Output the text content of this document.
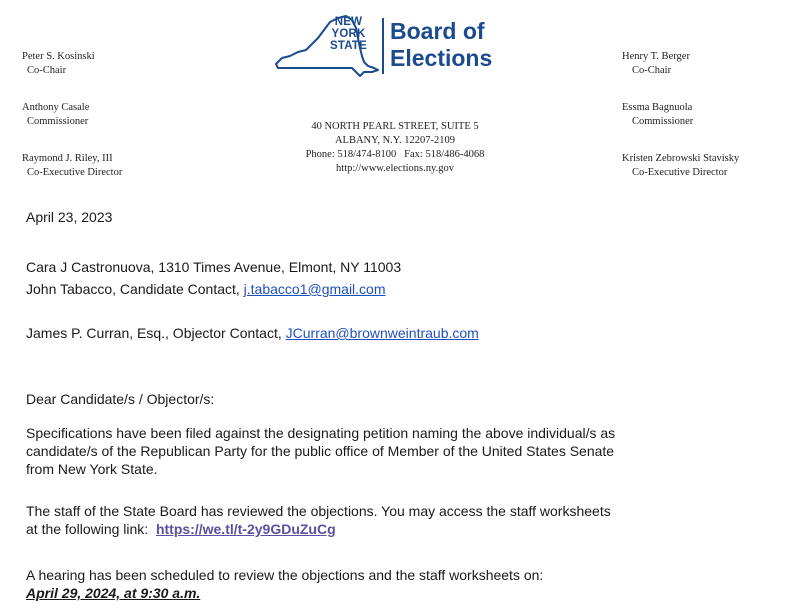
Peter S. Kosinski
Co-Chair
Anthony Casale
Commissioner
Raymond J. Riley, III
Co-Executive Director
NEW
YORK
STATE
Board of
Elections
40 NORTH PEARL STREET, SUITE 5
ALBANY, N.Y. 12207-2109
Phone: 518/474-8100   Fax: 518/486-4068
http://www.elections.ny.gov
Henry T. Berger
Co-Chair
Essma Bagnuola
Commissioner
Kristen Zebrowski Stavisky
Co-Executive Director
April 23, 2023
Cara J Castronuova, 1310 Times Avenue, Elmont, NY 11003
John Tabacco, Candidate Contact, j.tabacco1@gmail.com
James P. Curran, Esq., Objector Contact, JCurran@brownweintraub.com
Dear Candidate/s / Objector/s:
Specifications have been filed against the designating petition naming the above individual/s as
candidate/s of the Republican Party for the public office of Member of the United States Senate
from New York State.
The staff of the State Board has reviewed the objections. You may access the staff worksheets
at the following link:  https://we.tl/t-2y9GDuZuCg
A hearing has been scheduled to review the objections and the staff worksheets on:
April 29, 2024, at 9:30 a.m.
